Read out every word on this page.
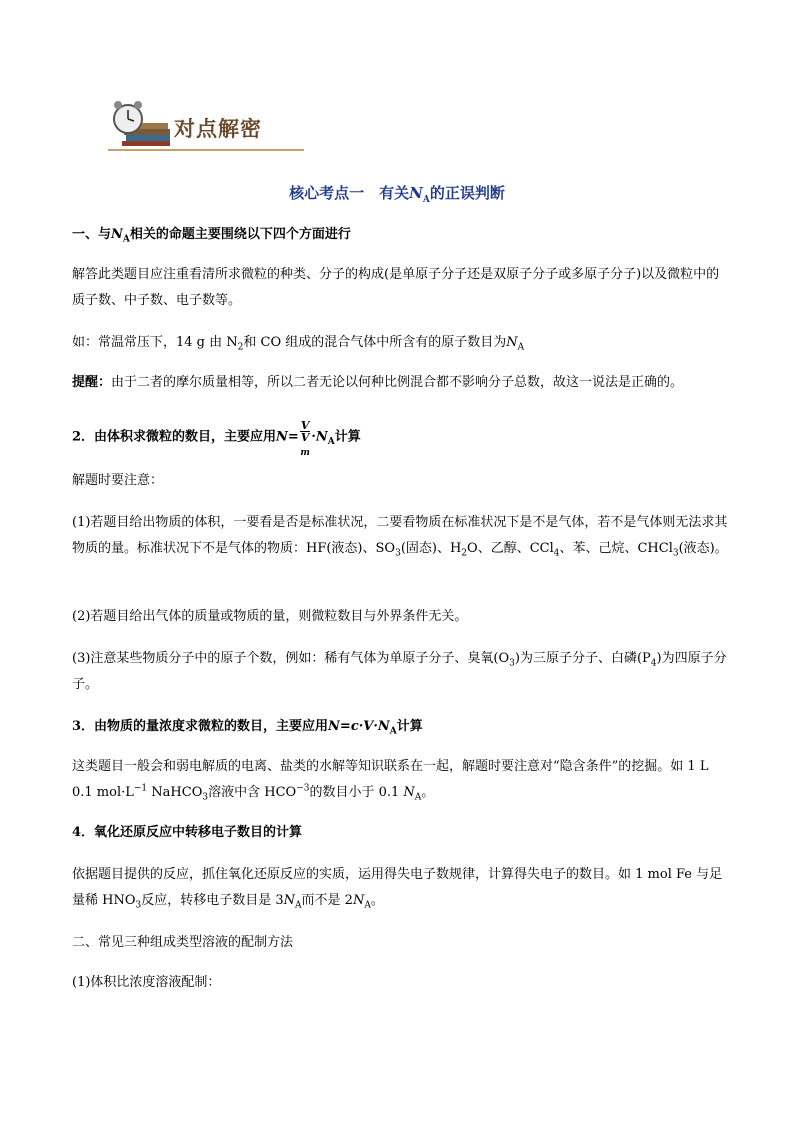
对点解密
核心考点一　有关$N_A$的正误判断
一、与$N_A$相关的命题主要围绕以下四个方面进行
解答此类题目应注重看清所求微粒的种类、分子的构成(是单原子分子还是双原子分子或多原子分子)以及微粒中的质子数、中子数、电子数等。
如：常温常压下，14 g 由 $N_2$和 CO 组成的混合气体中所含有的原子数目为$N_A$
提醒：由于二者的摩尔质量相等，所以二者无论以何种比例混合都不影响分子总数，故这一说法是正确的。
2．由体积求微粒的数目，主要应用N= V
V
$_m \cdot N_A$计算
解题时要注意：
(1)若题目给出物质的体积，一要看是否是标准状况，二要看物质在标准状况下是不是气体，若不是气体则无法求其物质的量。标准状况下不是气体的物质：HF(液态)、$SO_3$(固态)、$H_2O$、乙醇、CCl$_4$、苯、己烷、CHCl$_3$(液态)。
(2)若题目给出气体的质量或物质的量，则微粒数目与外界条件无关。
(3)注意某些物质分子中的原子个数，例如：稀有气体为单原子分子、臭氧$(O_3)$为三原子分子、白磷$(P_4)$为四原子分子。
3．由物质的量浓度求微粒的数目，主要应用$N=c\cdot V\cdot N_A$计算
这类题目一般会和弱电解质的电离、盐类的水解等知识联系在一起，解题时要注意对“隐含条件”的挖掘。如 1 L 0.1 $mol\cdot L^{-1}$ NaHCO$_3$溶液中含 $HCO^{-3}$的数目小于 0.1 $N_A$。
4．氧化还原反应中转移电子数目的计算
依据题目提供的反应，抓住氧化还原反应的实质，运用得失电子数规律，计算得失电子的数目。如 1 mol Fe 与足量稀 $HNO_3$反应，转移电子数目是 $3N_A$而不是 $2N_A$。
二、常见三种组成类型溶液的配制方法
(1)体积比浓度溶液配制：
